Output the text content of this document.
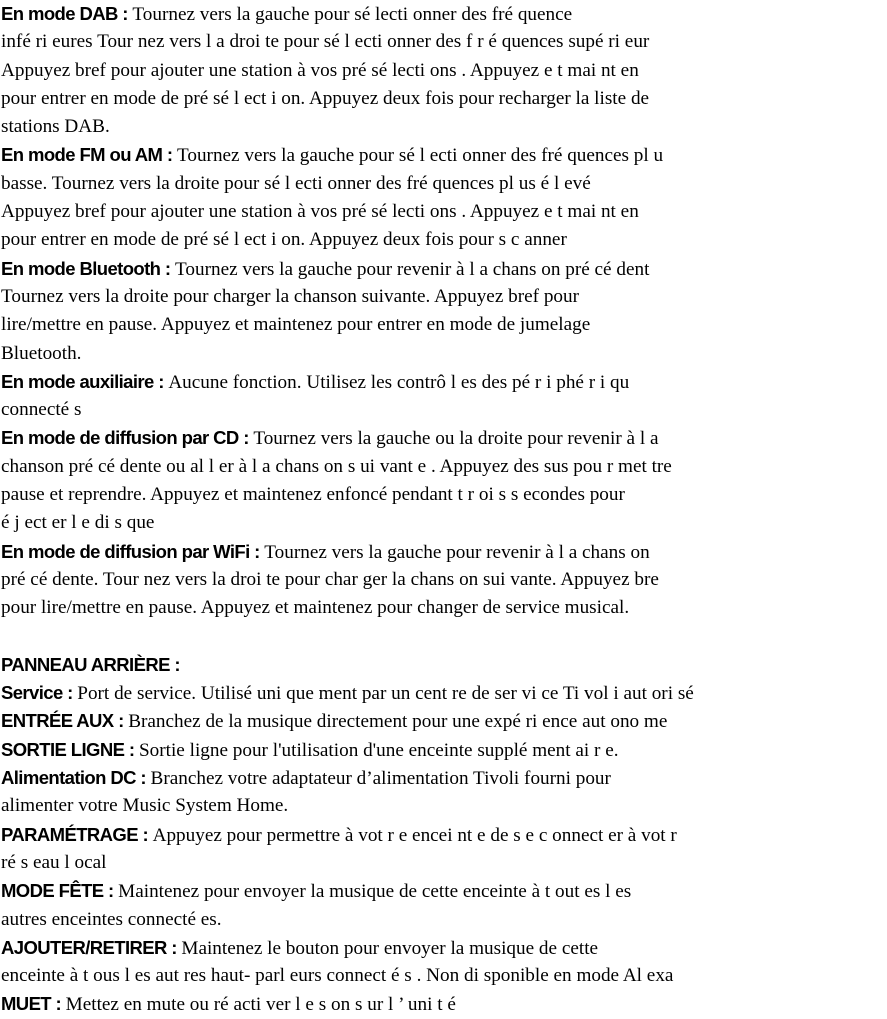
En mode DAB : Tournez vers la gauche pour sé lecti onner des fré quence
infé ri eures Tour nez vers l a droi te pour sé l ecti onner des f r é quences supé ri eur
Appuyez bref pour ajouter une station à vos pré sé lecti ons . Appuyez e t mai nt en
pour entrer en mode de pré sé l ect i on. Appuyez deux fois pour recharger la liste de
stations DAB.
En mode FM ou AM : Tournez vers la gauche pour sé l ecti onner des fré quences pl u
basse. Tournez vers la droite pour sé l ecti onner des fré quences pl us é l evé
Appuyez bref pour ajouter une station à vos pré sé lecti ons . Appuyez e t mai nt en
pour entrer en mode de pré sé l ect i on. Appuyez deux fois pour s c anner
En mode Bluetooth : Tournez vers la gauche pour revenir à l a chans on pré cé dent
Tournez vers la droite pour charger la chanson suivante. Appuyez bref pour
lire/mettre en pause. Appuyez et maintenez pour entrer en mode de jumelage
Bluetooth.
En mode auxiliaire : Aucune fonction. Utilisez les contrô l es des pé r i phé r i qu
connecté s
En mode de diffusion par CD : Tournez vers la gauche ou la droite pour revenir à l a
chanson pré cé dente ou al l er à l a chans on s ui vant e . Appuyez des sus pou r met tre
pause et reprendre. Appuyez et maintenez enfoncé pendant t r oi s s econdes pour
é j ect er l e di s que
En mode de diffusion par WiFi : Tournez vers la gauche pour revenir à l a chans on
pré cé dente. Tour nez vers la droi te pour char ger la chans on sui vante. Appuyez bre
pour lire/mettre en pause. Appuyez et maintenez pour changer de service musical.
PANNEAU ARRIÈRE :
Service : Port de service. Utilisé uni que ment par un cent re de ser vi ce Ti vol i aut ori sé
ENTRÉE AUX : Branchez de la musique directement pour une expé ri ence aut ono me
SORTIE LIGNE : Sortie ligne pour l'utilisation d'une enceinte supplé ment ai r e.
Alimentation DC : Branchez votre adaptateur d’alimentation Tivoli fourni pour
alimenter votre Music System Home.
PARAMÉTRAGE : Appuyez pour permettre à vot r e encei nt e de s e c onnect er à vot r
ré s eau l ocal
MODE FÊTE : Maintenez pour envoyer la musique de cette enceinte à t out es l es
autres enceintes connecté es.
AJOUTER/RETIRER : Maintenez le bouton pour envoyer la musique de cette
enceinte à t ous l es aut res haut- parl eurs connect é s . Non di sponible en mode Al exa
MUET : Mettez en mute ou ré acti ver l e s on s ur l ’ uni t é
